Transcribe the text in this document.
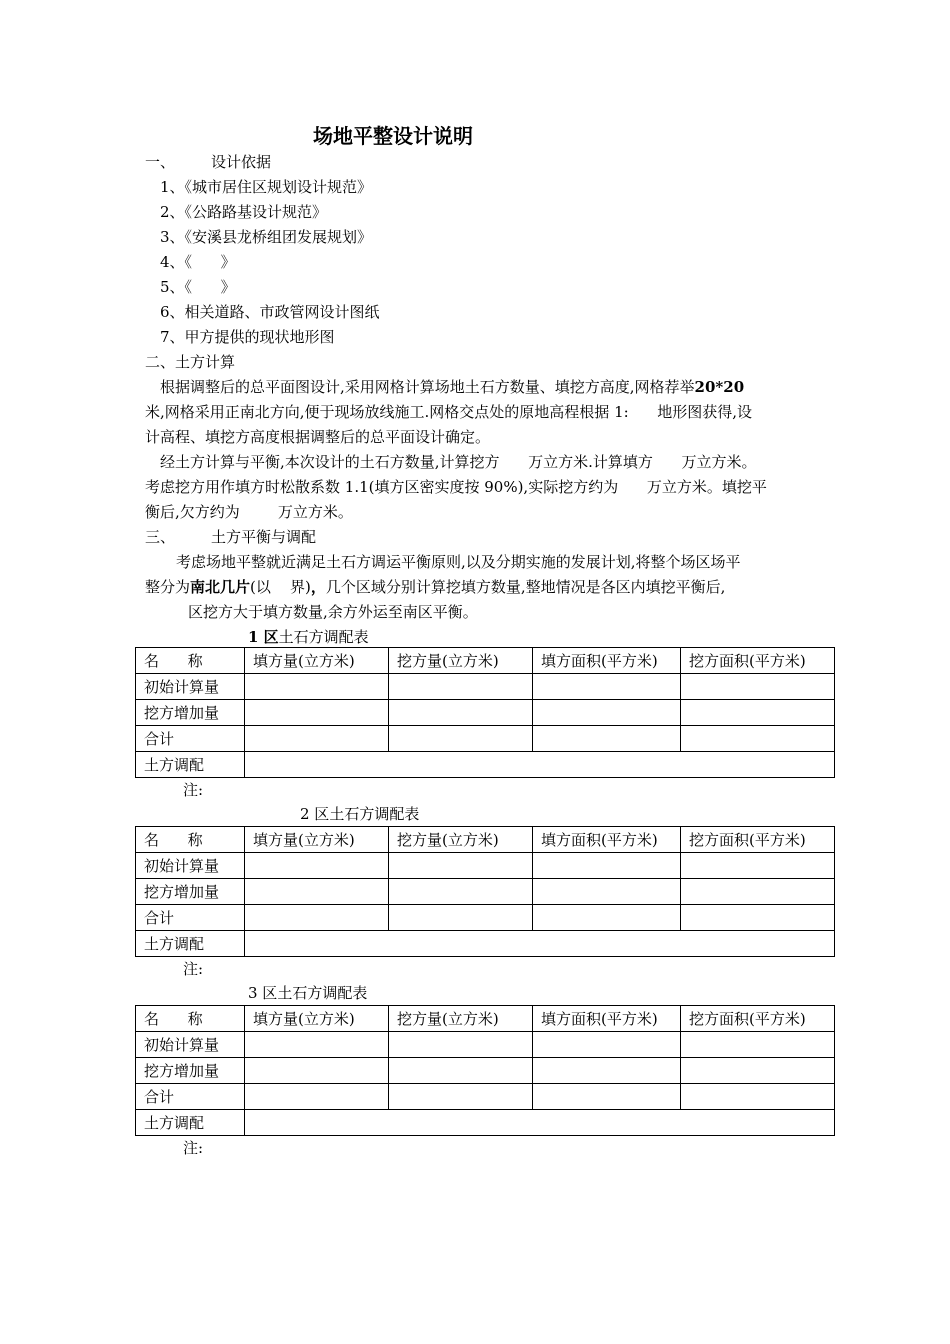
场地平整设计说明
一、 设计依据
1、《城市居住区规划设计规范》
2、《公路路基设计规范》
3、《安溪县龙桥组团发展规划》
4、《      》
5、《      》
6、相关道路、市政管网设计图纸
7、甲方提供的现状地形图
二、土方计算
根据调整后的总平面图设计,采用网格计算场地土石方数量、填挖方高度,网格荐举20*20
米,网格采用正南北方向,便于现场放线施工.网格交点处的原地高程根据 1:      地形图获得,设
计高程、填挖方高度根据调整后的总平面设计确定。
经土方计算与平衡,本次设计的土石方数量,计算挖方      万立方米.计算填方      万立方米。
考虑挖方用作填方时松散系数 1.1(填方区密实度按 90%),实际挖方约为      万立方米。填挖平
衡后,欠方约为        万立方米。
三、 土方平衡与调配
考虑场地平整就近满足土石方调运平衡原则,以及分期实施的发展计划,将整个场区场平
整分为南北几片(以    界)，几个区域分别计算挖填方数量,整地情况是各区内填挖平衡后,
区挖方大于填方数量,余方外运至南区平衡。
1 区土石方调配表
名      称	填方量(立方米)	挖方量(立方米)	填方面积(平方米)	挖方面积(平方米)
初始计算量				
挖方增加量				
合计				
土方调配				
注:
2 区土石方调配表
名      称	填方量(立方米)	挖方量(立方米)	填方面积(平方米)	挖方面积(平方米)
初始计算量				
挖方增加量				
合计				
土方调配				
注:
3 区土石方调配表
名      称	填方量(立方米)	挖方量(立方米)	填方面积(平方米)	挖方面积(平方米)
初始计算量				
挖方增加量				
合计				
土方调配				
注:
